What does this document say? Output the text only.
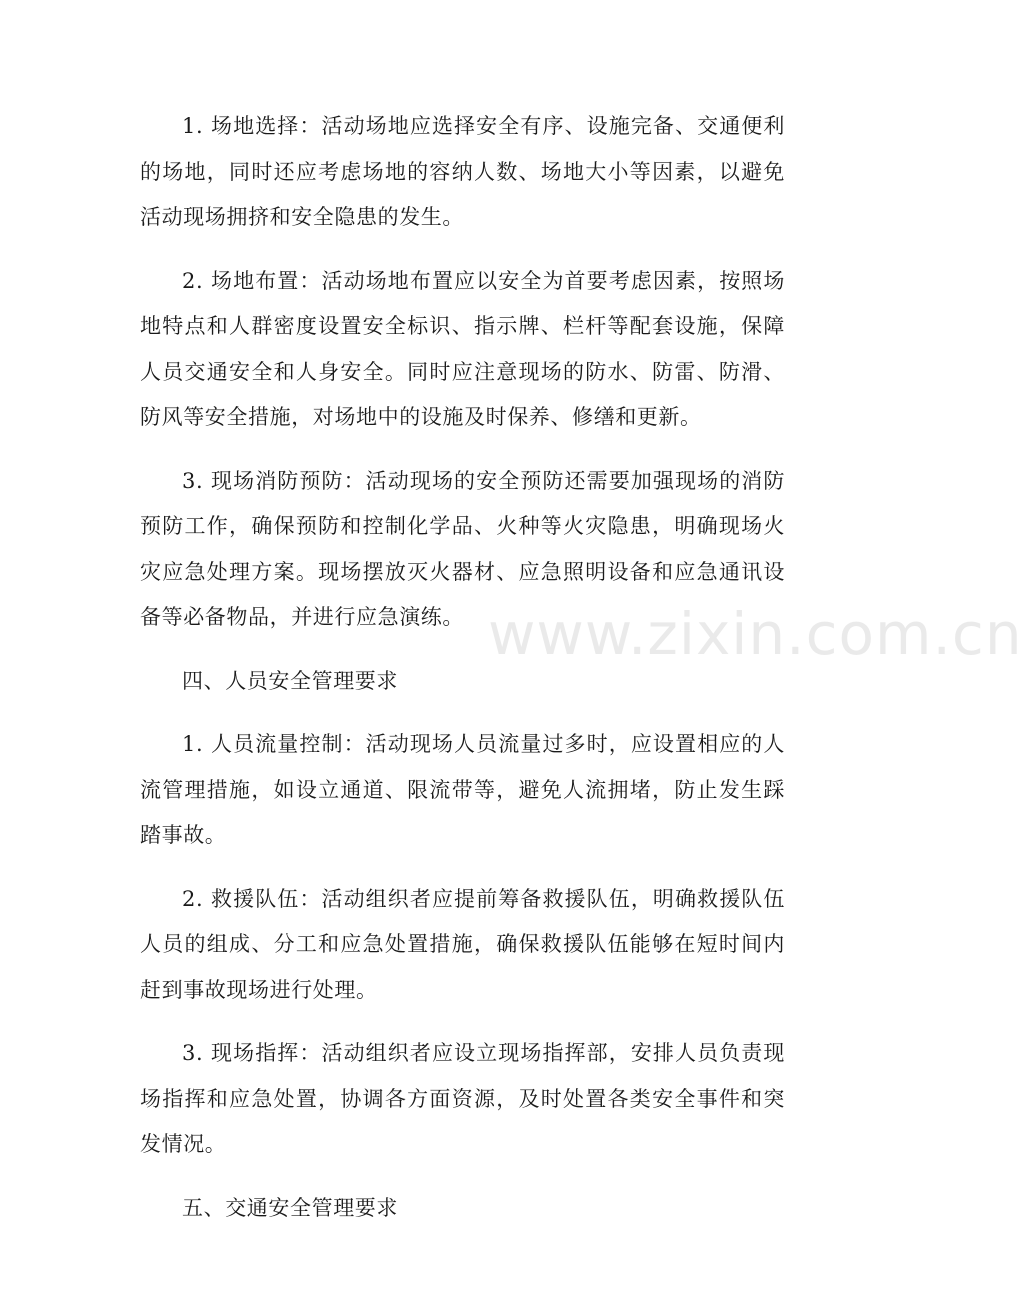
1. 场地选择：活动场地应选择安全有序、设施完备、交通便利的场地，同时还应考虑场地的容纳人数、场地大小等因素，以避免活动现场拥挤和安全隐患的发生。

2. 场地布置：活动场地布置应以安全为首要考虑因素，按照场地特点和人群密度设置安全标识、指示牌、栏杆等配套设施，保障人员交通安全和人身安全。同时应注意现场的防水、防雷、防滑、防风等安全措施，对场地中的设施及时保养、修缮和更新。

3. 现场消防预防：活动现场的安全预防还需要加强现场的消防预防工作，确保预防和控制化学品、火种等火灾隐患，明确现场火灾应急处理方案。现场摆放灭火器材、应急照明设备和应急通讯设备等必备物品，并进行应急演练。

四、人员安全管理要求

1. 人员流量控制：活动现场人员流量过多时，应设置相应的人流管理措施，如设立通道、限流带等，避免人流拥堵，防止发生踩踏事故。

2. 救援队伍：活动组织者应提前筹备救援队伍，明确救援队伍人员的组成、分工和应急处置措施，确保救援队伍能够在短时间内赶到事故现场进行处理。

3. 现场指挥：活动组织者应设立现场指挥部，安排人员负责现场指挥和应急处置，协调各方面资源，及时处置各类安全事件和突发情况。

五、交通安全管理要求

www.zixin.com.cn
